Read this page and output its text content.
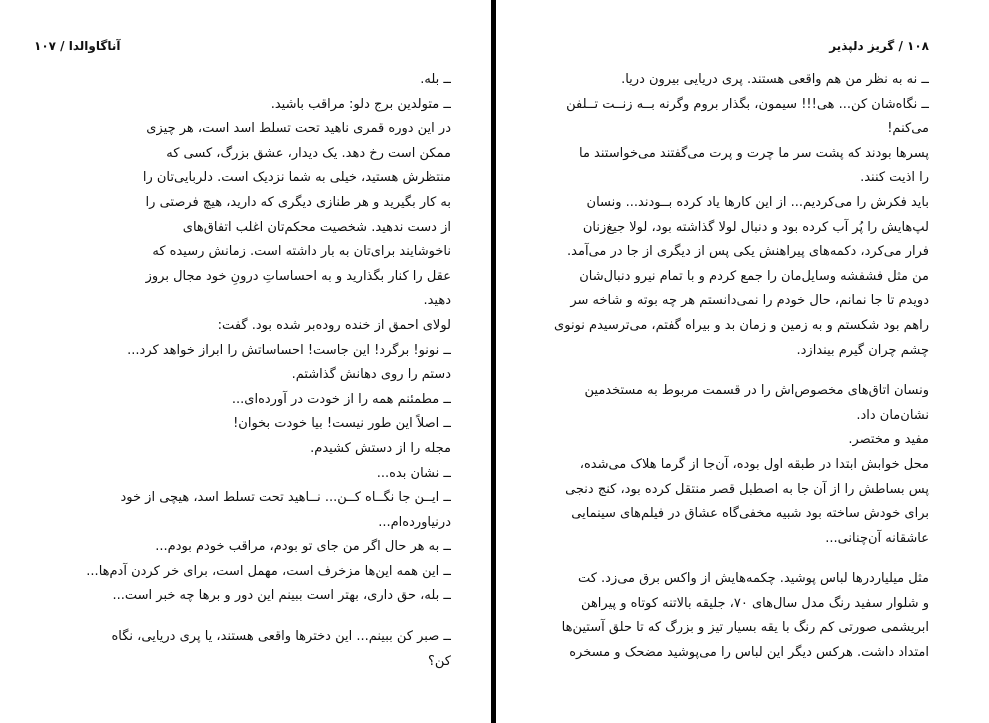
آناگاوالدا / ۱۰۷
ــ بله.
ــ متولدین برج دلو: مراقب باشید.
در این دوره قمری ناهید تحت تسلط اسد است، هر چیزی
ممکن است رخ دهد. یک دیدار، عشق بزرگ، کسی که
منتظرش هستید، خیلی به شما نزدیک است. دلربایی‌تان را
به کار بگیرید و هر طنازی دیگری که دارید، هیچ فرصتی را
از دست ندهید. شخصیت محکم‌تان اغلب اتفاق‌های
ناخوشایند برای‌تان به بار داشته است. زمانش رسیده که
عقل را کنار بگذارید و به احساساتِ درونِ خود مجال بروز
دهید.
لولای احمق از خنده روده‌بر شده بود. گفت:
ــ نونو! برگرد! این جاست! احساساتش را ابراز خواهد کرد...
دستم را روی دهانش گذاشتم.
ــ مطمئنم همه را از خودت در آورده‌ای...
ــ اصلاً این طور نیست! بیا خودت بخوان!
مجله را از دستش کشیدم.
ــ نشان بده...
ــ ایــن جا نگــاه کــن... نــاهید تحت تسلط اسد، هیچی از خود
درنیاورده‌ام...
ــ به هر حال اگر من جای تو بودم، مراقب خودم بودم...
ــ این همه این‌ها مزخرف است، مهمل است، برای خر کردن آدم‌ها...
ــ بله، حق داری، بهتر است ببینم این دور و بر‌ها چه خبر است...
ــ صبر کن ببینم... این دخترها واقعی هستند، یا پری دریایی، نگاه
کن؟
۱۰۸ / گریز دلپذیر
ــ نه به نظر من هم واقعی هستند. پری دریایی بیرون دریا.
ــ نگاه‌شان کن... هی!!! سیمون، بگذار بروم وگرنه بــه زنــت تــلفن
می‌کنم!
پسرها بودند که پشت سر ما چرت و پرت می‌گفتند می‌خواستند ما
را اذیت کنند.
باید فکرش را می‌کردیم... از این کارها یاد کرده بــودند... ونسان
لپ‌هایش را پُر آب کرده بود و دنبال لولا گذاشته بود، لولا جیغ‌زنان
فرار می‌کرد، دکمه‌های پیراهنش یکی پس از دیگری از جا در می‌آمد.
من مثل فشفشه وسایل‌مان را جمع کردم و با تمام نیرو دنبال‌شان
دویدم تا جا نمانم، حال خودم را نمی‌دانستم هر چه بوته و شاخه سر
راهم بود شکستم و به زمین و زمان بد و بیراه گفتم، می‌ترسیدم نونوی
چشم چران گیرم بیندازد.
ونسان اتاق‌های مخصوص‌اش را در قسمت مربوط به مستخدمین
نشان‌مان داد.
مفید و مختصر.
محل خوابش ابتدا در طبقه اول بوده، آن‌جا از گرما هلاک می‌شده،
پس بساطش را از آن جا به اصطبل قصر منتقل کرده بود، کنج دنجی
برای خودش ساخته بود شبیه مخفی‌گاه عشاق در فیلم‌های سینمایی
عاشقانه آن‌چنانی...
مثل میلیاردرها لباس پوشید. چکمه‌هایش از واکس برق می‌زد. کت
و شلوار سفید رنگ مدل سال‌های ۷۰، جلیقه بالاتنه کوتاه و پیراهن
ابریشمی صورتی کم رنگ با یقه بسیار تیز و بزرگ که تا حلق آستین‌ها
امتداد داشت. هرکس دیگر این لباس را می‌پوشید مضحک و مسخره
